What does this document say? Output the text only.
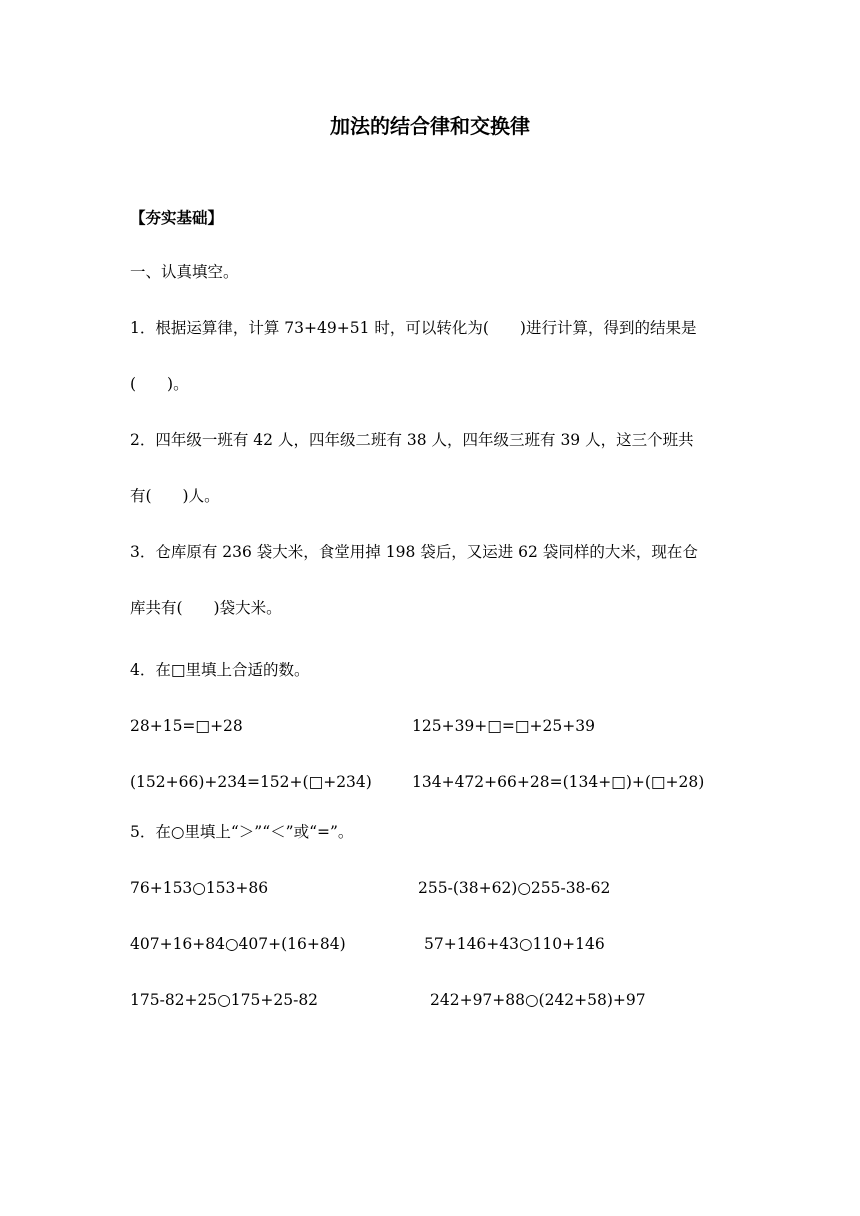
加法的结合律和交换律
【夯实基础】
一、认真填空。
1．根据运算律，计算 73+49+51 时，可以转化为(　　)进行计算，得到的结果是
(　　)。
2．四年级一班有 42 人，四年级二班有 38 人，四年级三班有 39 人，这三个班共
有(　　)人。
3．仓库原有 236 袋大米，食堂用掉 198 袋后，又运进 62 袋同样的大米，现在仓
库共有(　　)袋大米。
4．在□里填上合适的数。
28+15=□+28	125+39+□=□+25+39
(152+66)+234=152+(□+234)	134+472+66+28=(134+□)+(□+28)
5．在○里填上“＞”“＜”或“=”。
76+153○153+86	255-(38+62)○255-38-62
407+16+84○407+(16+84)	57+146+43○110+146
175-82+25○175+25-82	242+97+88○(242+58)+97
